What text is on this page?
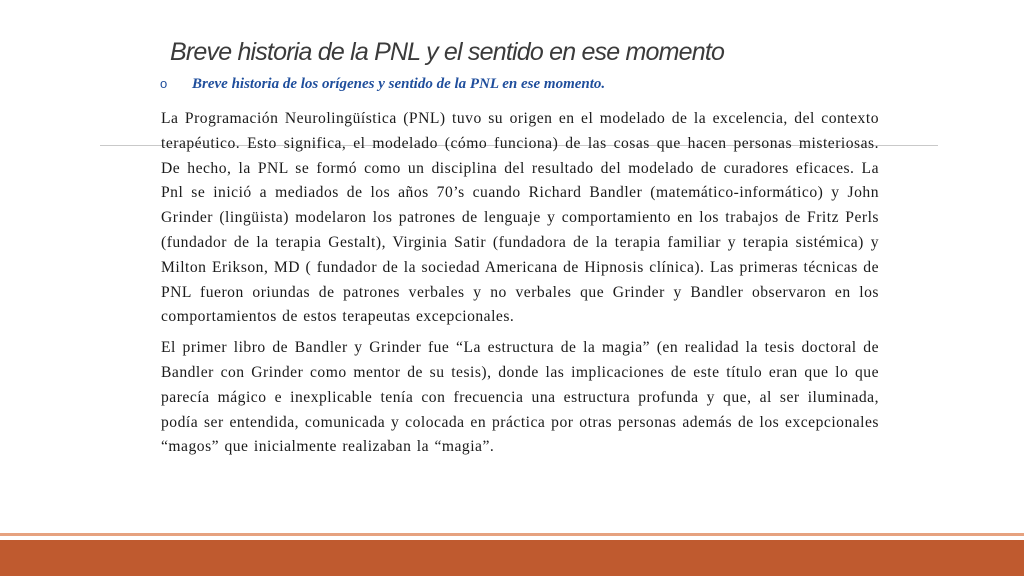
Breve historia de la PNL y el sentido en ese momento
o Breve historia de los orígenes y sentido de la PNL en ese momento.

La Programación Neurolingüística (PNL) tuvo su origen en el modelado de la excelencia, del contexto terapéutico. Esto significa, el modelado (cómo funciona) de las cosas que hacen personas misteriosas. De hecho, la PNL se formó como un disciplina del resultado del modelado de curadores eficaces. La Pnl se inició a mediados de los años 70’s cuando Richard Bandler (matemático-informático) y John Grinder (lingüista) modelaron los patrones de lenguaje y comportamiento en los trabajos de Fritz Perls (fundador de la terapia Gestalt), Virginia Satir (fundadora de la terapia familiar y terapia sistémica) y Milton Erikson, MD ( fundador de la sociedad Americana de Hipnosis clínica). Las primeras técnicas de PNL fueron oriundas de patrones verbales y no verbales que Grinder y Bandler observaron en los comportamientos de estos terapeutas excepcionales.

El primer libro de Bandler y Grinder fue “La estructura de la magia” (en realidad la tesis doctoral de Bandler con Grinder como mentor de su tesis), donde las implicaciones de este título eran que lo que parecía mágico e inexplicable tenía con frecuencia una estructura profunda y que, al ser iluminada, podía ser entendida, comunicada y colocada en práctica por otras personas además de los excepcionales “magos” que inicialmente realizaban la “magia”.
